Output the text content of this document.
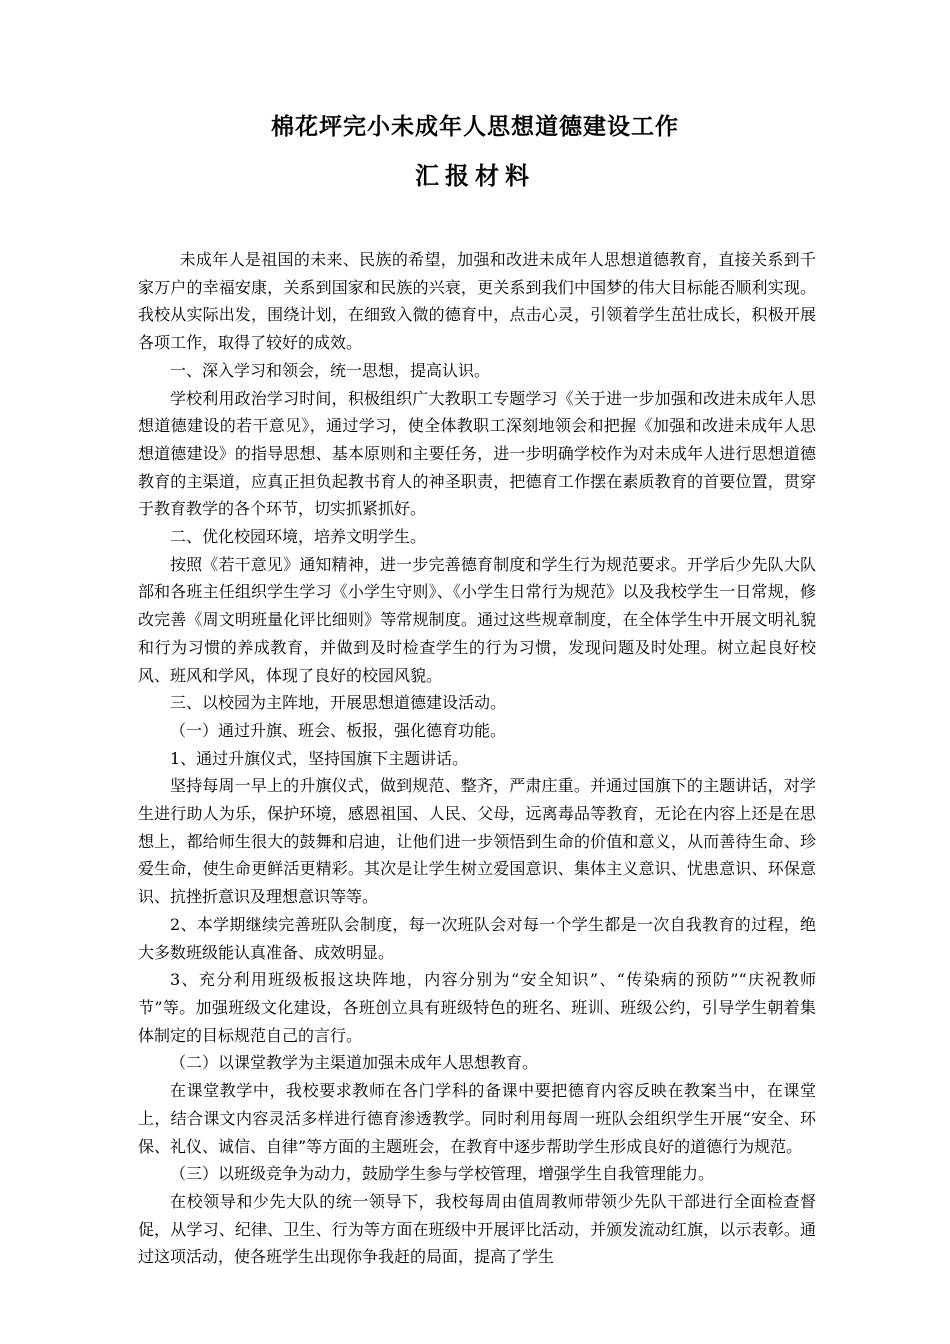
棉花坪完小未成年人思想道德建设工作
汇报材料

未成年人是祖国的未来、民族的希望，加强和改进未成年人思想道德教育，直接关系到千家万户的幸福安康，关系到国家和民族的兴衰，更关系到我们中国梦的伟大目标能否顺利实现。我校从实际出发，围绕计划，在细致入微的德育中，点击心灵，引领着学生茁壮成长，积极开展各项工作，取得了较好的成效。

一、深入学习和领会，统一思想，提高认识。

学校利用政治学习时间，积极组织广大教职工专题学习《关于进一步加强和改进未成年人思想道德建设的若干意见》，通过学习，使全体教职工深刻地领会和把握《加强和改进未成年人思想道德建设》的指导思想、基本原则和主要任务，进一步明确学校作为对未成年人进行思想道德教育的主渠道，应真正担负起教书育人的神圣职责，把德育工作摆在素质教育的首要位置，贯穿于教育教学的各个环节，切实抓紧抓好。

二、优化校园环境，培养文明学生。

按照《若干意见》通知精神，进一步完善德育制度和学生行为规范要求。开学后少先队大队部和各班主任组织学生学习《小学生守则》、《小学生日常行为规范》以及我校学生一日常规，修改完善《周文明班量化评比细则》等常规制度。通过这些规章制度，在全体学生中开展文明礼貌和行为习惯的养成教育，并做到及时检查学生的行为习惯，发现问题及时处理。树立起良好校风、班风和学风，体现了良好的校园风貌。

三、以校园为主阵地，开展思想道德建设活动。

（一）通过升旗、班会、板报，强化德育功能。

1、通过升旗仪式，坚持国旗下主题讲话。

坚持每周一早上的升旗仪式，做到规范、整齐，严肃庄重。并通过国旗下的主题讲话，对学生进行助人为乐，保护环境，感恩祖国、人民、父母，远离毒品等教育，无论在内容上还是在思想上，都给师生很大的鼓舞和启迪，让他们进一步领悟到生命的价值和意义，从而善待生命、珍爱生命，使生命更鲜活更精彩。其次是让学生树立爱国意识、集体主义意识、忧患意识、环保意识、抗挫折意识及理想意识等等。

2、本学期继续完善班队会制度，每一次班队会对每一个学生都是一次自我教育的过程，绝大多数班级能认真准备、成效明显。

3、充分利用班级板报这块阵地，内容分别为“安全知识”、“传染病的预防”“庆祝教师节”等。加强班级文化建设，各班创立具有班级特色的班名、班训、班级公约，引导学生朝着集体制定的目标规范自己的言行。

（二）以课堂教学为主渠道加强未成年人思想教育。

在课堂教学中，我校要求教师在各门学科的备课中要把德育内容反映在教案当中，在课堂上，结合课文内容灵活多样进行德育渗透教学。同时利用每周一班队会组织学生开展“安全、环保、礼仪、诚信、自律”等方面的主题班会，在教育中逐步帮助学生形成良好的道德行为规范。

（三）以班级竞争为动力，鼓励学生参与学校管理，增强学生自我管理能力。

在校领导和少先大队的统一领导下，我校每周由值周教师带领少先队干部进行全面检查督促，从学习、纪律、卫生、行为等方面在班级中开展评比活动，并颁发流动红旗，以示表彰。通过这项活动，使各班学生出现你争我赶的局面，提高了学生
